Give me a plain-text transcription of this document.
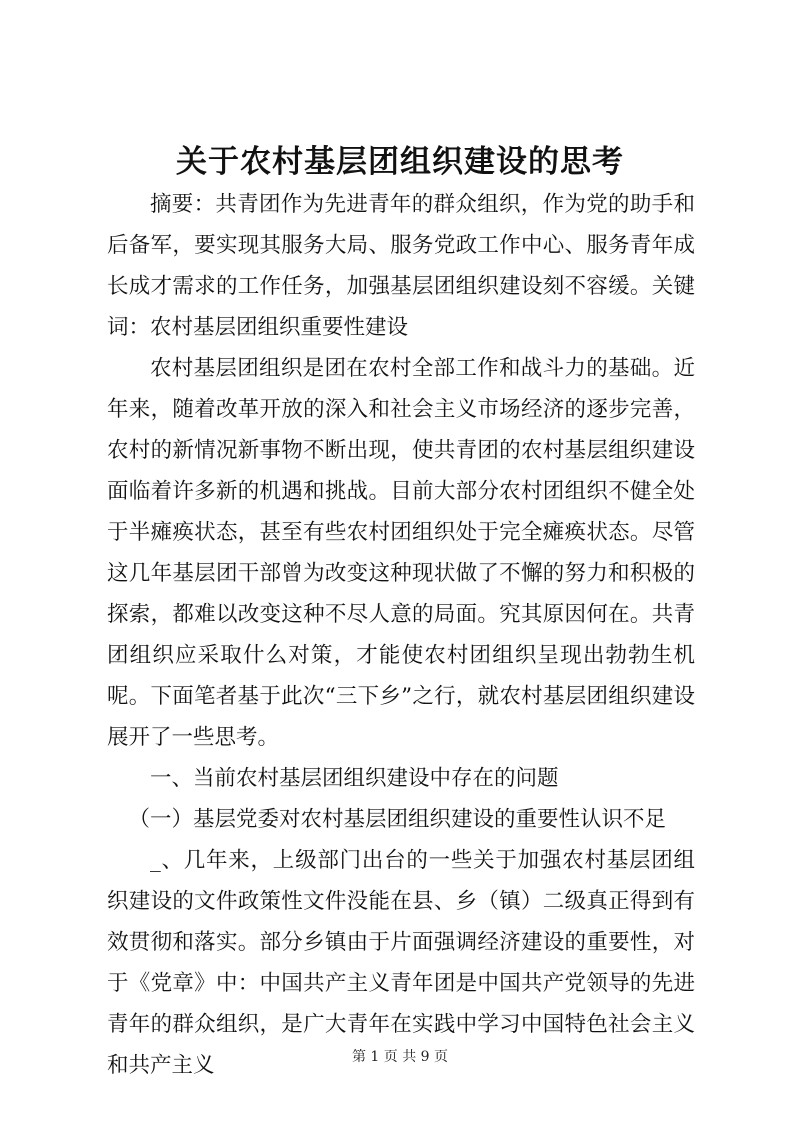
关于农村基层团组织建设的思考

摘要：共青团作为先进青年的群众组织，作为党的助手和后备军，要实现其服务大局、服务党政工作中心、服务青年成长成才需求的工作任务，加强基层团组织建设刻不容缓。关键词：农村基层团组织重要性建设

农村基层团组织是团在农村全部工作和战斗力的基础。近年来，随着改革开放的深入和社会主义市场经济的逐步完善，农村的新情况新事物不断出现，使共青团的农村基层组织建设面临着许多新的机遇和挑战。目前大部分农村团组织不健全处于半瘫痪状态，甚至有些农村团组织处于完全瘫痪状态。尽管这几年基层团干部曾为改变这种现状做了不懈的努力和积极的探索，都难以改变这种不尽人意的局面。究其原因何在。共青团组织应采取什么对策，才能使农村团组织呈现出勃勃生机呢。下面笔者基于此次“三下乡”之行，就农村基层团组织建设展开了一些思考。

一、当前农村基层团组织建设中存在的问题

（一）基层党委对农村基层团组织建设的重要性认识不足

_、几年来，上级部门出台的一些关于加强农村基层团组织建设的文件政策性文件没能在县、乡（镇）二级真正得到有效贯彻和落实。部分乡镇由于片面强调经济建设的重要性，对于《党章》中：中国共产主义青年团是中国共产党领导的先进青年的群众组织，是广大青年在实践中学习中国特色社会主义和共产主义	第 1 页 共 9 页
